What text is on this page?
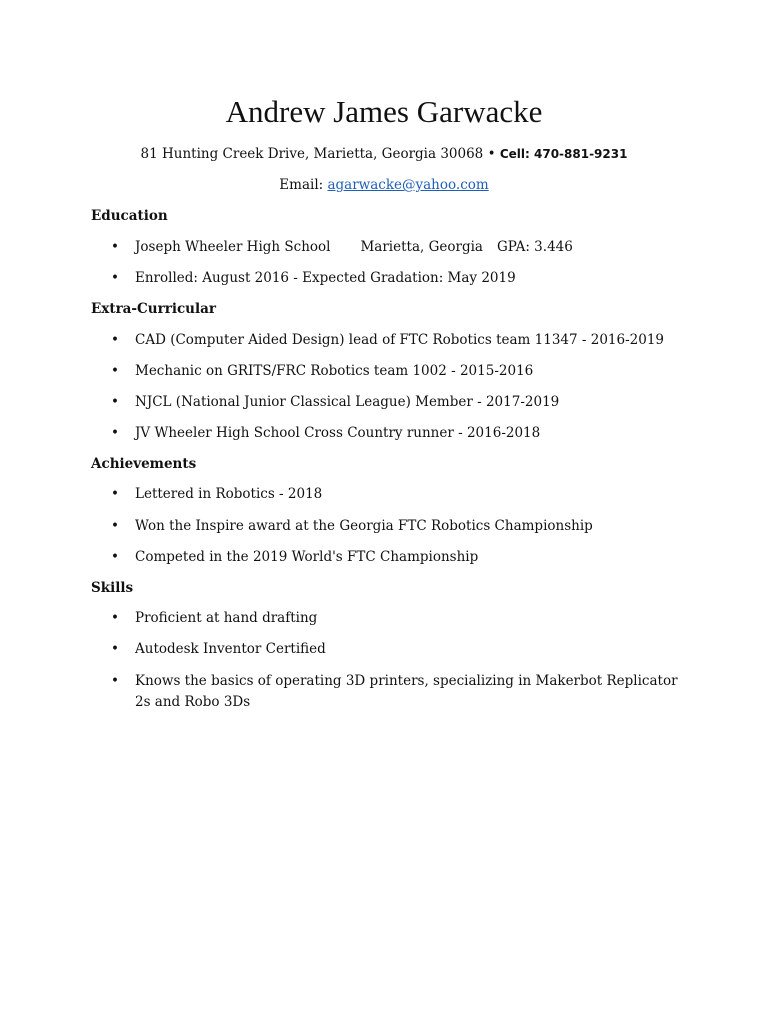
Andrew James Garwacke
81 Hunting Creek Drive, Marietta, Georgia 30068 • Cell: 470-881-9231
Email: agarwacke@yahoo.com
Education
• Joseph Wheeler High School Marietta, Georgia GPA: 3.446
• Enrolled: August 2016 - Expected Gradation: May 2019
Extra-Curricular
• CAD (Computer Aided Design) lead of FTC Robotics team 11347 - 2016-2019
• Mechanic on GRITS/FRC Robotics team 1002 - 2015-2016
• NJCL (National Junior Classical League) Member - 2017-2019
• JV Wheeler High School Cross Country runner - 2016-2018
Achievements
• Lettered in Robotics - 2018
• Won the Inspire award at the Georgia FTC Robotics Championship
• Competed in the 2019 World's FTC Championship
Skills
• Proficient at hand drafting
• Autodesk Inventor Certified
• Knows the basics of operating 3D printers, specializing in Makerbot Replicator 2s and Robo 3Ds
